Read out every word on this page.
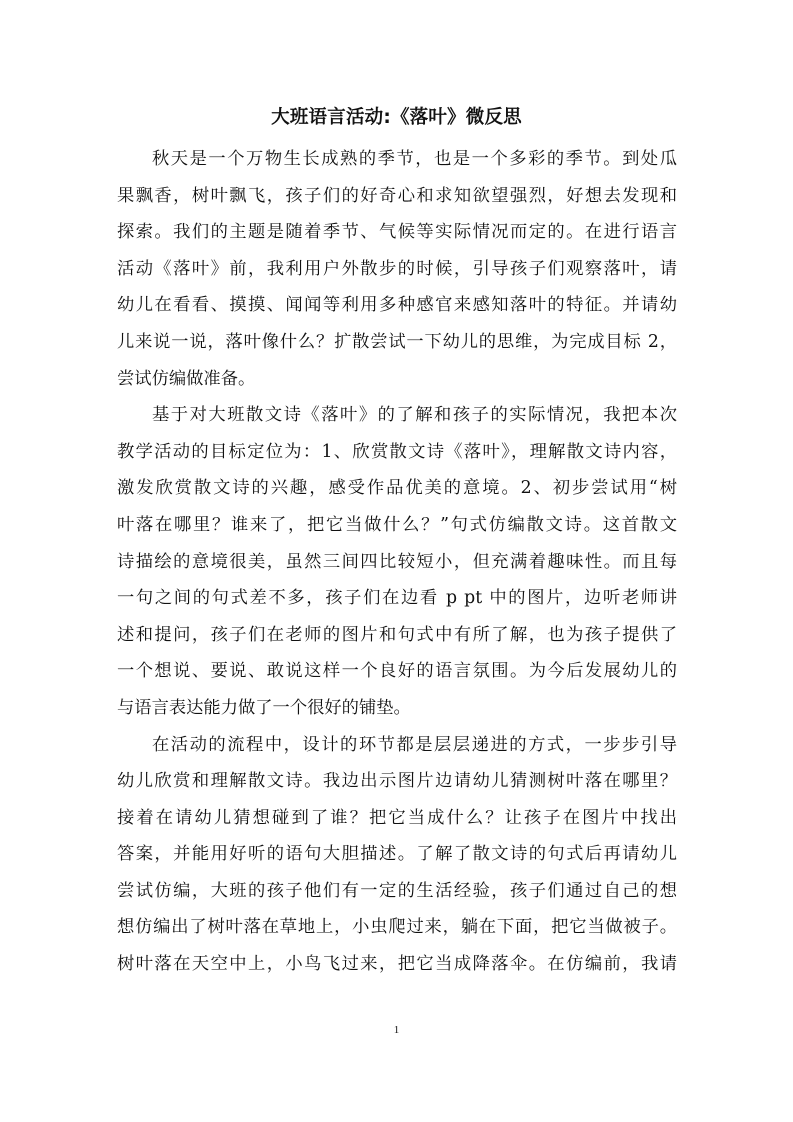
大班语言活动:《落叶》微反思

秋天是一个万物生长成熟的季节，也是一个多彩的季节。到处瓜
果飘香，树叶飘飞，孩子们的好奇心和求知欲望强烈，好想去发现和
探索。我们的主题是随着季节、气候等实际情况而定的。在进行语言
活动《落叶》前，我利用户外散步的时候，引导孩子们观察落叶，请
幼儿在看看、摸摸、闻闻等利用多种感官来感知落叶的特征。并请幼
儿来说一说，落叶像什么？扩散尝试一下幼儿的思维，为完成目标 2，
尝试仿编做准备。

基于对大班散文诗《落叶》的了解和孩子的实际情况，我把本次
教学活动的目标定位为：1、欣赏散文诗《落叶》，理解散文诗内容，
激发欣赏散文诗的兴趣，感受作品优美的意境。2、初步尝试用“树
叶落在哪里？谁来了，把它当做什么？”句式仿编散文诗。这首散文
诗描绘的意境很美，虽然三间四比较短小，但充满着趣味性。而且每
一句之间的句式差不多，孩子们在边看 p pt 中的图片，边听老师讲
述和提问，孩子们在老师的图片和句式中有所了解，也为孩子提供了
一个想说、要说、敢说这样一个良好的语言氛围。为今后发展幼儿的
与语言表达能力做了一个很好的铺垫。

在活动的流程中，设计的环节都是层层递进的方式，一步步引导
幼儿欣赏和理解散文诗。我边出示图片边请幼儿猜测树叶落在哪里？
接着在请幼儿猜想碰到了谁？把它当成什么？让孩子在图片中找出
答案，并能用好听的语句大胆描述。了解了散文诗的句式后再请幼儿
尝试仿编，大班的孩子他们有一定的生活经验，孩子们通过自己的想
想仿编出了树叶落在草地上，小虫爬过来，躺在下面，把它当做被子。
树叶落在天空中上，小鸟飞过来，把它当成降落伞。在仿编前，我请

1
